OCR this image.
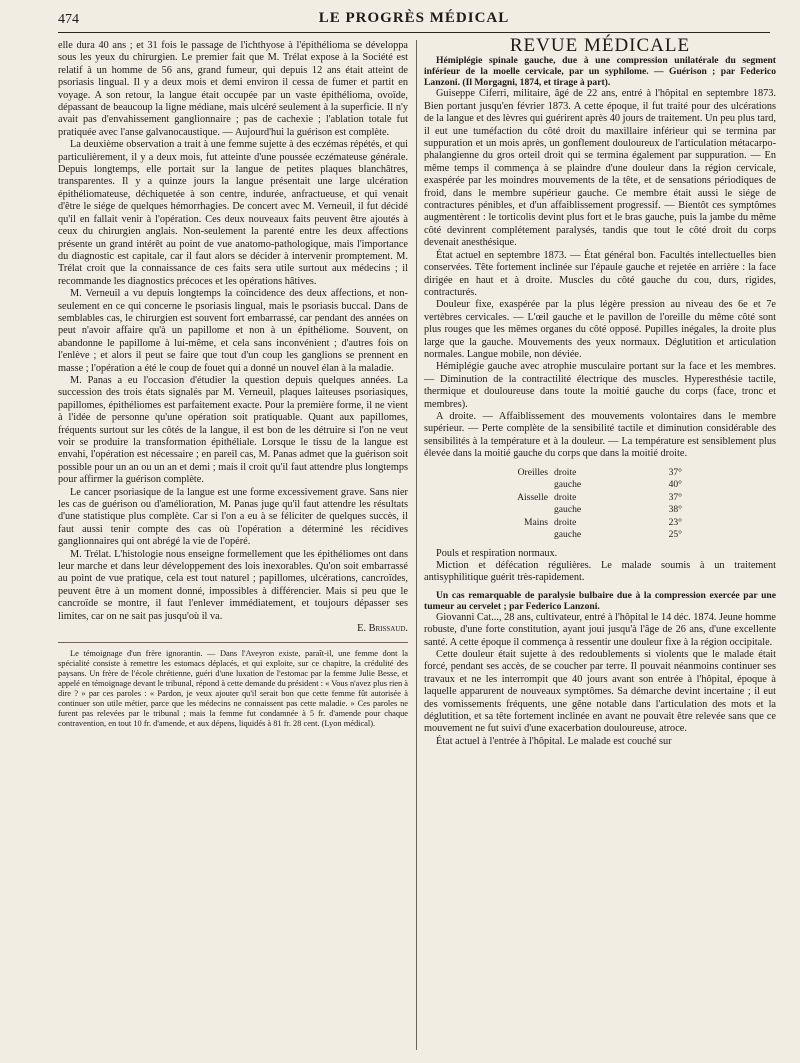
474	LE PROGRÈS MÉDICAL

elle dura 40 ans ; et 31 fois le passage de l'ichthyose à l'épithélioma se développa sous les yeux du chirurgien. Le premier fait que M. Trélat expose à la Société est relatif à un homme de 56 ans, grand fumeur, qui depuis 12 ans était atteint de psoriasis lingual. Il y a deux mois et demi environ il cessa de fumer et partit en voyage. A son retour, la langue était occupée par un vaste épithélioma, ovoïde, dépassant de beaucoup la ligne médiane, mais ulcéré seulement à la superficie. Il n'y avait pas d'envahissement ganglionnaire ; pas de cachexie ; l'ablation totale fut pratiquée avec l'anse galvanocaustique. — Aujourd'hui la guérison est complète.

La deuxième observation a trait à une femme sujette à des eczémas répétés, et qui particulièrement, il y a deux mois, fut atteinte d'une poussée eczémateuse générale. Depuis longtemps, elle portait sur la langue de petites plaques blanchâtres, transparentes. Il y a quinze jours la langue présentait une large ulcération épithéliomateuse, déchiquetée à son centre, indurée, anfractueuse, et qui venait d'être le siége de quelques hémorrhagies. De concert avec M. Verneuil, il fut décidé qu'il en fallait venir à l'opération. Ces deux nouveaux faits peuvent être ajoutés à ceux du chirurgien anglais. Non-seulement la parenté entre les deux affections présente un grand intérêt au point de vue anatomo-pathologique, mais l'importance du diagnostic est capitale, car il faut alors se décider à intervenir promptement. M. Trélat croit que la connaissance de ces faits sera utile surtout aux médecins ; il recommande les diagnostics précoces et les opérations hâtives.

M. Verneuil a vu depuis longtemps la coïncidence des deux affections, et non-seulement en ce qui concerne le psoriasis lingual, mais le psoriasis buccal. Dans de semblables cas, le chirurgien est souvent fort embarrassé, car pendant des années on peut n'avoir affaire qu'à un papillome et non à un épithéliome. Souvent, on abandonne le papillome à lui-même, et cela sans inconvénient ; d'autres fois on l'enlève ; et alors il peut se faire que tout d'un coup les ganglions se prennent en masse ; l'opération a été le coup de fouet qui a donné un nouvel élan à la maladie.

M. Panas a eu l'occasion d'étudier la question depuis quelques années. La succession des trois états signalés par M. Verneuil, plaques laiteuses psoriasiques, papillomes, épithéliomes est parfaitement exacte. Pour la première forme, il ne vient à l'idée de personne qu'une opération soit pratiquable. Quant aux papillomes, fréquents surtout sur les côtés de la langue, il est bon de les détruire si l'on ne veut voir se produire la transformation épithéliale. Lorsque le tissu de la langue est envahi, l'opération est nécessaire ; en pareil cas, M. Panas admet que la guérison soit possible pour un an ou un an et demi ; mais il croit qu'il faut attendre plus longtemps pour affirmer la guérison complète.

Le cancer psoriasique de la langue est une forme excessivement grave. Sans nier les cas de guérison ou d'amélioration, M. Panas juge qu'il faut attendre les résultats d'une statistique plus complète. Car si l'on a eu à se féliciter de quelques succès, il faut aussi tenir compte des cas où l'opération a déterminé les récidives ganglionnaires qui ont abrégé la vie de l'opéré.

M. Trélat. L'histologie nous enseigne formellement que les épithéliomes ont dans leur marche et dans leur développement des lois inexorables. Qu'on soit embarrassé au point de vue pratique, cela est tout naturel ; papillomes, ulcérations, cancroïdes, peuvent être à un moment donné, impossibles à différencier. Mais si peu que le cancroïde se montre, il faut l'enlever immédiatement, et toujours dépasser ses limites, car on ne sait pas jusqu'où il va.

E. Brissaud.

Le témoignage d'un frère ignorantin. — Dans l'Aveyron existe, paraît-il, une femme dont la spécialité consiste à remettre les estomacs déplacés, et qui exploite, sur ce chapitre, la crédulité des paysans. Un frère de l'école chrétienne, guéri d'une luxation de l'estomac par la femme Julie Besse, et appelé en témoignage devant le tribunal, répond à cette demande du président : « Vous n'avez plus rien à dire ? » par ces paroles : « Pardon, je veux ajouter qu'il serait bon que cette femme fût autorisée à continuer son utile métier, parce que les médecins ne connaissent pas cette maladie. » Ces paroles ne furent pas relevées par le tribunal ; mais la femme fut condamnée à 5 fr. d'amende pour chaque contravention, en tout 10 fr. d'amende, et aux dépens, liquidés à 81 fr. 28 cent. (Lyon médical).

REVUE MÉDICALE

Hémiplégie spinale gauche, due à une compression unilatérale du segment inférieur de la moelle cervicale, par un syphilome. — Guérison ; par Federico Lanzoni. (Il Morgagni, 1874, et tirage à part).

Guiseppe Ciferri, militaire, âgé de 22 ans, entré à l'hôpital en septembre 1873. Bien portant jusqu'en février 1873. A cette époque, il fut traité pour des ulcérations de la langue et des lèvres qui guérirent après 40 jours de traitement. Un peu plus tard, il eut une tuméfaction du côté droit du maxillaire inférieur qui se termina par suppuration et un mois après, un gonflement douloureux de l'articulation métacarpo-phalangienne du gros orteil droit qui se termina également par suppuration. — En même temps il commença à se plaindre d'une douleur dans la région cervicale, exaspérée par les moindres mouvements de la tête, et de sensations périodiques de froid, dans le membre supérieur gauche. Ce membre était aussi le siége de contractures pénibles, et d'un affaiblissement progressif. — Bientôt ces symptômes augmentèrent : le torticolis devint plus fort et le bras gauche, puis la jambe du même côté devinrent complétement paralysés, tandis que tout le côté droit du corps devenait anesthésique.

État actuel en septembre 1873. — État général bon. Facultés intellectuelles bien conservées. Tête fortement inclinée sur l'épaule gauche et rejetée en arrière : la face dirigée en haut et à droite. Muscles du côté gauche du cou, durs, rigides, contracturés.

Douleur fixe, exaspérée par la plus légère pression au niveau des 6e et 7e vertèbres cervicales. — L'œil gauche et le pavillon de l'oreille du même côté sont plus rouges que les mêmes organes du côté opposé. Pupilles inégales, la droite plus large que la gauche. Mouvements des yeux normaux. Déglutition et articulation normales. Langue mobile, non déviée.

Hémiplégie gauche avec atrophie musculaire portant sur la face et les membres. — Diminution de la contractilité électrique des muscles. Hyperesthésie tactile, thermique et douloureuse dans toute la moitié gauche du corps (face, tronc et membres).

A droite. — Affaiblissement des mouvements volontaires dans le membre supérieur. — Perte complète de la sensibilité tactile et diminution considérable des sensibilités à la température et à la douleur. — La température est sensiblement plus élevée dans la moitié gauche du corps que dans la moitié droite.

Oreilles droite	37°
gauche	40°
Aisselle droite	37°
gauche	38°
Mains droite	23°
gauche	25°

Pouls et respiration normaux.

Miction et défécation régulières. Le malade soumis à un traitement antisyphilitique guérit très-rapidement.

Un cas remarquable de paralysie bulbaire due à la compression exercée par une tumeur au cervelet ; par Federico Lanzoni.

Giovanni Cat..., 28 ans, cultivateur, entré à l'hôpital le 14 déc. 1874. Jeune homme robuste, d'une forte constitution, ayant joui jusqu'à l'âge de 26 ans, d'une excellente santé. A cette époque il commença à ressentir une douleur fixe à la région occipitale.

Cette douleur était sujette à des redoublements si violents que le malade était forcé, pendant ses accès, de se coucher par terre. Il pouvait néanmoins continuer ses travaux et ne les interrompit que 40 jours avant son entrée à l'hôpital, époque à laquelle apparurent de nouveaux symptômes. Sa démarche devint incertaine ; il eut des vomissements fréquents, une gêne notable dans l'articulation des mots et la déglutition, et sa tête fortement inclinée en avant ne pouvait être relevée sans que ce mouvement ne fut suivi d'une exacerbation douloureuse, atroce.

État actuel à l'entrée à l'hôpital. Le malade est couché sur
